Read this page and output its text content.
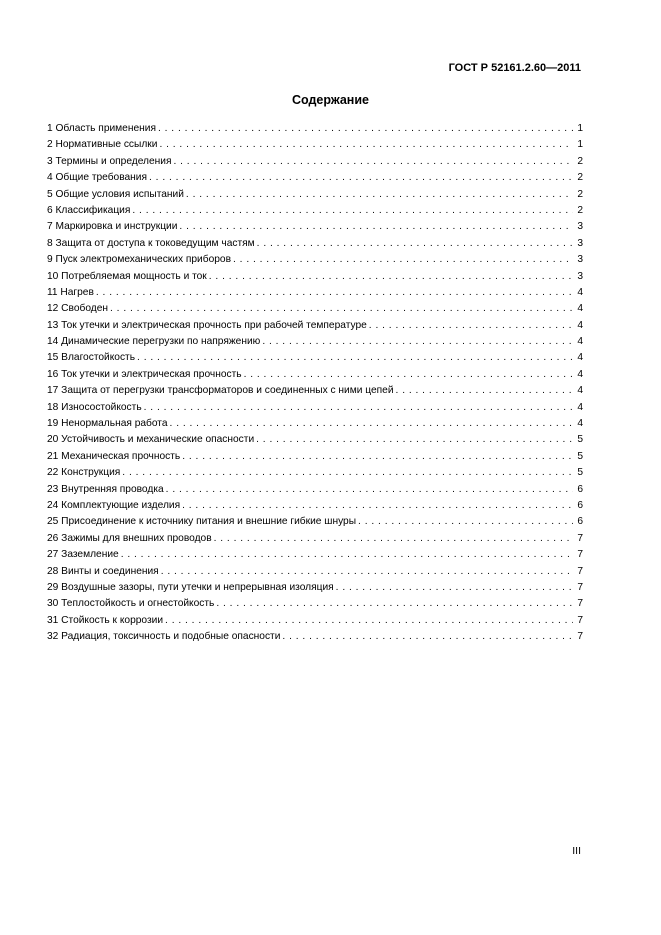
ГОСТ Р 52161.2.60—2011
Содержание
1 Область применения . . .	1
2 Нормативные ссылки . . .	1
3 Термины и определения . . .	2
4 Общие требования . . .	2
5 Общие условия испытаний . . .	2
6 Классификация . . .	2
7 Маркировка и инструкции . . .	3
8 Защита от доступа к токоведущим частям . . .	3
9 Пуск электромеханических приборов . . .	3
10 Потребляемая мощность и ток . . .	3
11 Нагрев . . .	4
12 Свободен . . .	4
13 Ток утечки и электрическая прочность при рабочей температуре . . .	4
14 Динамические перегрузки по напряжению . . .	4
15 Влагостойкость . . .	4
16 Ток утечки и электрическая прочность . . .	4
17 Защита от перегрузки трансформаторов и соединенных с ними цепей . . .	4
18 Износостойкость . . .	4
19 Ненормальная работа . . .	4
20 Устойчивость и механические опасности . . .	5
21 Механическая прочность . . .	5
22 Конструкция . . .	5
23 Внутренняя проводка . . .	6
24 Комплектующие изделия . . .	6
25 Присоединение к источнику питания и внешние гибкие шнуры . . .	6
26 Зажимы для внешних проводов . . .	7
27 Заземление . . .	7
28 Винты и соединения . . .	7
29 Воздушные зазоры, пути утечки и непрерывная изоляция . . .	7
30 Теплостойкость и огнестойкость . . .	7
31 Стойкость к коррозии . . .	7
32 Радиация, токсичность и подобные опасности . . .	7
III
